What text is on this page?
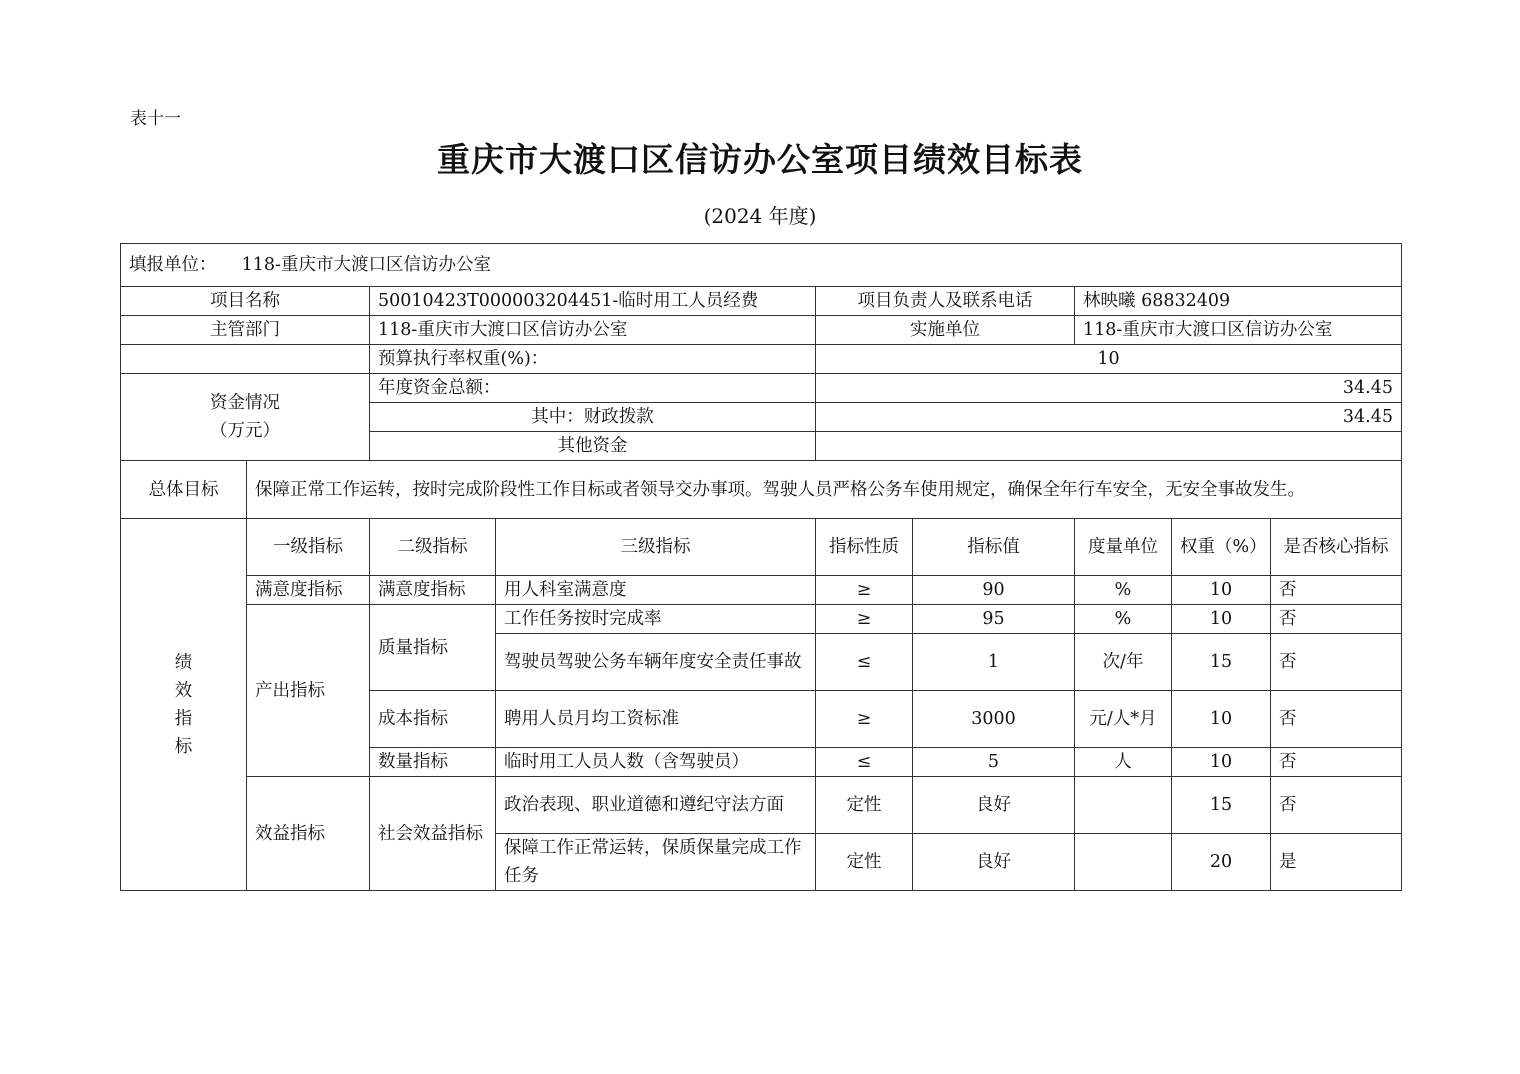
表十一
重庆市大渡口区信访办公室项目绩效目标表
(2024 年度)
填报单位： 118-重庆市大渡口区信访办公室								
项目名称		50010423T000003204451-临时用工人员经费		项目负责人及联系电话		林映曦 68832409		
主管部门		118-重庆市大渡口区信访办公室		实施单位		118-重庆市大渡口区信访办公室		
		预算执行率权重(%)：		10				

资金情况
（万元）		年度资金总额：		34.45				
		其中：财政拨款		34.45				
		其他资金						
总体目标	保障正常工作运转，按时完成阶段性工作目标或者领导交办事项。驾驶人员严格公务车使用规定，确保全年行车安全，无安全事故发生。							

绩
效
指
标	一级指标	二级指标	三级指标	指标性质	指标值	度量单位	权重（%）	是否核心指标
	满意度指标	满意度指标	用人科室满意度	≥	90	%	10	否
	产出指标	质量指标	工作任务按时完成率	≥	95	%	10	否
			驾驶员驾驶公务车辆年度安全责任事故	≤	1	次/年	15	否
		成本指标	聘用人员月均工资标准	≥	3000	元/人*月	10	否
		数量指标	临时用工人员人数（含驾驶员）	≤	5	人	10	否
	效益指标	社会效益指标	政治表现、职业道德和遵纪守法方面	定性	良好		15	否
			保障工作正常运转，保质保量完成工作任务	定性	良好		20	是
